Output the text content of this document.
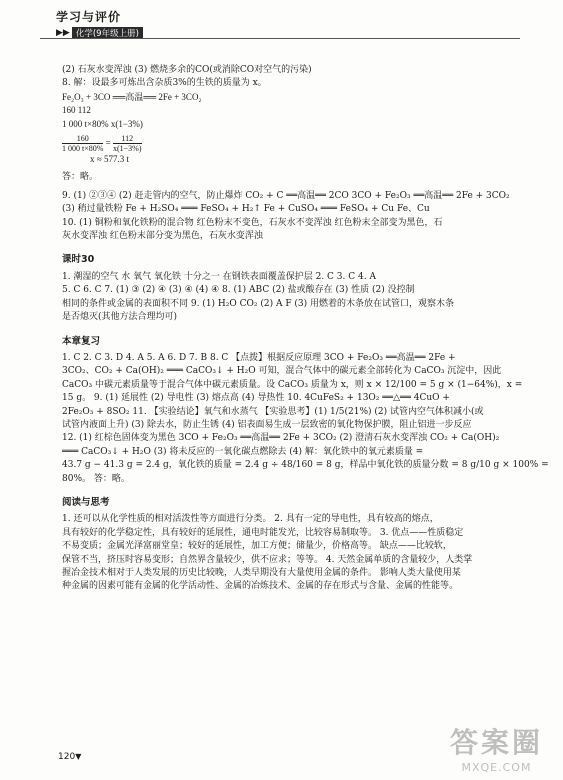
学习与评价
▶▶ 化学(9年级上册)

(2) 石灰水变浑浊 (3) 燃烧多余的CO(或消除CO对空气的污染)

8. 解：设最多可炼出含杂质3%的生铁的质量为 x。

Fe₂O₃ + 3CO ══高温══ 2Fe + 3CO₂

160 112

1 000 t×80% x(1−3%)

$\frac{160}{1 000 t\times 80\%} = \frac{112}{x(1-3\%)}$

x ≈ 577.3 t

答：略。

9. (1) ②③④ (2) 赶走管内的空气，防止爆炸 CO₂ + C ══高温══ 2CO 3CO + Fe₂O₃ ══高温══ 2Fe + 3CO₂

(3) 稍过量铁粉 Fe + H₂SO₄ ═══ FeSO₄ + H₂↑ Fe + CuSO₄ ═══ FeSO₄ + Cu Fe、Cu

10. (1) 铜粉和氧化铁粉的混合物 红色粉末不变色，石灰水不变浑浊 红色粉末全部变为黑色，石

灰水变浑浊 红色粉末部分变为黑色，石灰水变浑浊

课时30

1. 潮湿的空气 水 氧气 氧化铁 十分之一 在钢铁表面覆盖保护层 2. C 3. C 4. A

5. C 6. C 7. (1) ③ (2) ④ (3) ④ (4) ④ 8. (1) ABC (2) 盐或酸存在 (3) 性质 (2) 没控制

相同的条件或金属的表面积不同 9. (1) H₂O CO₂ (2) A F (3) 用燃着的木条放在试管口，观察木条

是否熄灭(其他方法合理均可)

本章复习

1. C 2. C 3. D 4. A 5. A 6. D 7. B 8. C 【点拨】根据反应原理 3CO + Fe₂O₃ ══高温══ 2Fe +

3CO₂、CO₂ + Ca(OH)₂ ═══ CaCO₃↓ + H₂O 可知，混合气体中的碳元素全部转化为 CaCO₃ 沉淀中，因此

CaCO₃ 中碳元素质量等于混合气体中碳元素质量。设 CaCO₃ 质量为 x，则 x × 12/100 = 5 g × (1−64%)，x =

15 g。 9. (1) 延展性 (2) 导电性 (3) 熔点高 (4) 导热性 10. 4CuFeS₂ + 13O₂ ══△══ 4CuO +

2Fe₂O₃ + 8SO₂ 11. 【实验结论】氧气和水蒸气 【实验思考】(1) 1/5(21%) (2) 试管内空气体积减小(或

试管内液面上升) (3) 除去水，防止生锈 (4) 铝表面易生成一层致密的氧化物保护膜，阻止铝进一步反应

12. (1) 红棕色固体变为黑色 3CO + Fe₂O₃ ══高温══ 2Fe + 3CO₂ (2) 澄清石灰水变浑浊 CO₂ + Ca(OH)₂

═══ CaCO₃↓ + H₂O (3) 将未反应的一氧化碳点燃除去 (4) 解：氧化铁中的氧元素质量 =

43.7 g − 41.3 g = 2.4 g，氧化铁的质量 = 2.4 g ÷ 48/160 = 8 g，样品中氧化铁的质量分数 = 8 g/10 g × 100% =

80%。 答：略。

阅读与思考

1. 还可以从化学性质的相对活泼性等方面进行分类。 2. 具有一定的导电性，具有较高的熔点，

具有较好的化学稳定性，具有较好的延展性，通电时能发光，比较容易制取等。 3. 优点——性质稳定

不易变质；金属光泽富丽堂皇；较好的延展性，加工方便；储量少，价格高等。 缺点——比较软，

保管不当，挤压时容易变形；自然界含量较少，供不应求；等等。 4. 天然金属单质的含量较少，人类掌

握冶金技术相对于人类发展的历史比较晚，人类早期没有大量使用金属的条件。 影响人类大量使用某

种金属的因素可能有金属的化学活动性、金属的冶炼技术、金属的存在形式与含量、金属的性能等。

120▼	答案圈
MXQE.COM
